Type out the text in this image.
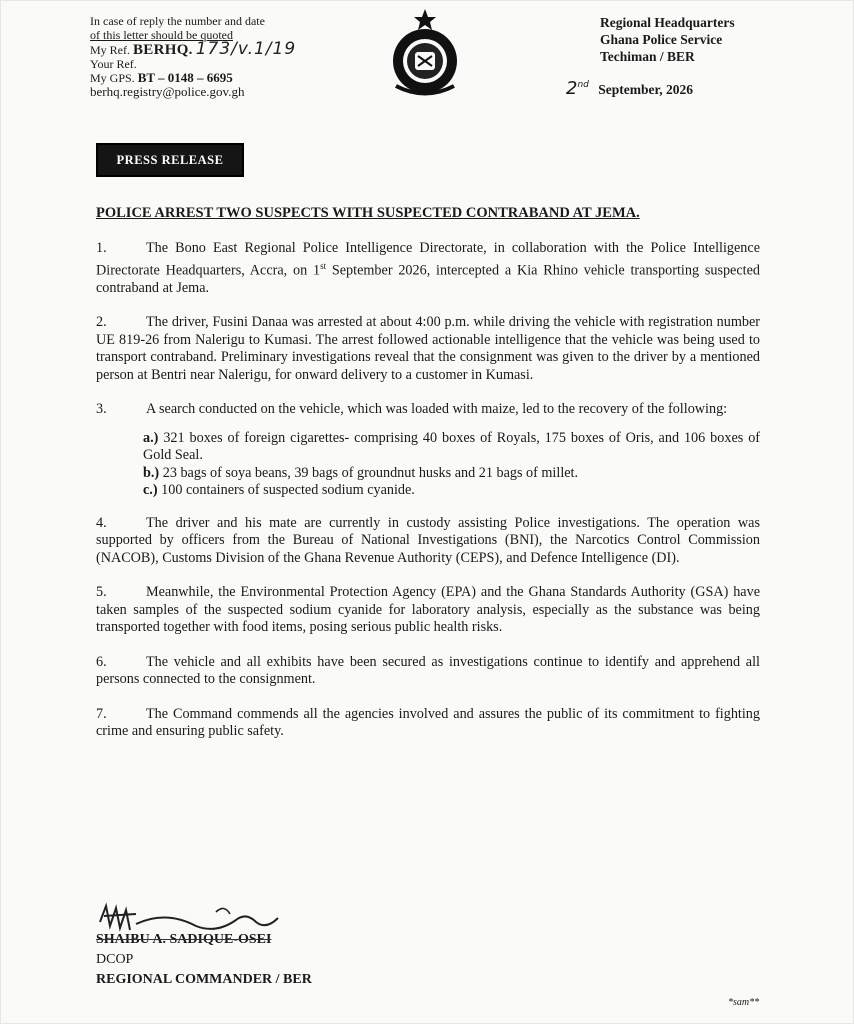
In case of reply the number and date
of this letter should be quoted
My Ref. BERHQ. 173/v.1/19
Your Ref.
My GPS. BT – 0148 – 6695
berhq.registry@police.gov.gh
Regional Headquarters
Ghana Police Service
Techiman / BER
2nd September, 2026
PRESS RELEASE
POLICE ARREST TWO SUSPECTS WITH SUSPECTED CONTRABAND AT JEMA.

1.	The Bono East Regional Police Intelligence Directorate, in collaboration with the Police Intelligence Directorate Headquarters, Accra, on 1st September 2026, intercepted a Kia Rhino vehicle transporting suspected contraband at Jema.

2.	The driver, Fusini Danaa was arrested at about 4:00 p.m. while driving the vehicle with registration number UE 819-26 from Nalerigu to Kumasi. The arrest followed actionable intelligence that the vehicle was being used to transport contraband. Preliminary investigations reveal that the consignment was given to the driver by a mentioned person at Bentri near Nalerigu, for onward delivery to a customer in Kumasi.

3.	A search conducted on the vehicle, which was loaded with maize, led to the recovery of the following:

a.) 321 boxes of foreign cigarettes- comprising 40 boxes of Royals, 175 boxes of Oris, and 106 boxes of Gold Seal.

b.) 23 bags of soya beans, 39 bags of groundnut husks and 21 bags of millet.

c.) 100 containers of suspected sodium cyanide.

4.	The driver and his mate are currently in custody assisting Police investigations. The operation was supported by officers from the Bureau of National Investigations (BNI), the Narcotics Control Commission (NACOB), Customs Division of the Ghana Revenue Authority (CEPS), and Defence Intelligence (DI).

5.	Meanwhile, the Environmental Protection Agency (EPA) and the Ghana Standards Authority (GSA) have taken samples of the suspected sodium cyanide for laboratory analysis, especially as the substance was being transported together with food items, posing serious public health risks.

6.	The vehicle and all exhibits have been secured as investigations continue to identify and apprehend all persons connected to the consignment.

7.	The Command commends all the agencies involved and assures the public of its commitment to fighting crime and ensuring public safety.

SHAIBU A. SADIQUE-OSEI
DCOP
REGIONAL COMMANDER / BER
*sam**
